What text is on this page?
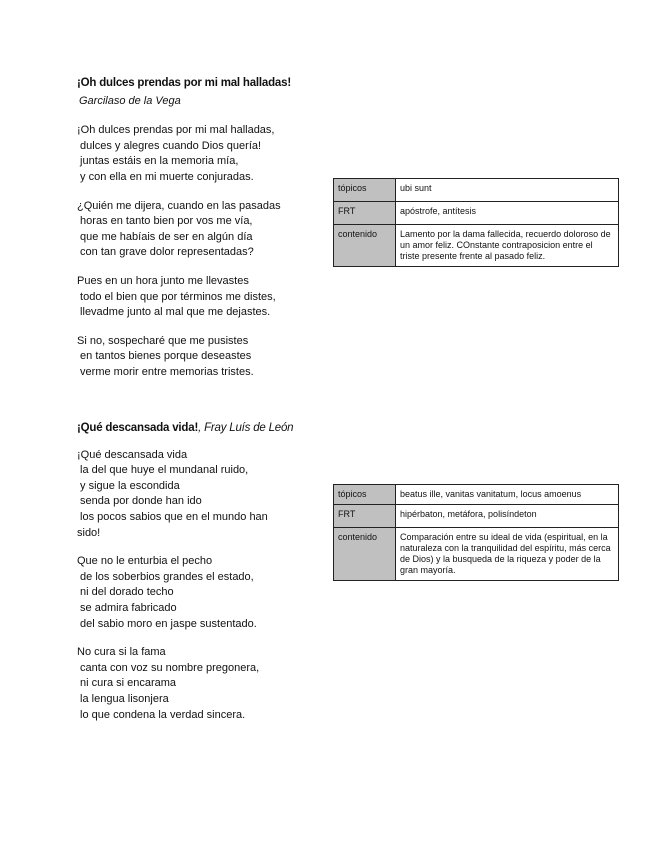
¡Oh dulces prendas por mi mal halladas!

Garcilaso de la Vega
¡Oh dulces prendas por mi mal halladas,
dulces y alegres cuando Dios quería!
juntas estáis en la memoria mía,
y con ella en mi muerte conjuradas.
¿Quién me dijera, cuando en las pasadas
horas en tanto bien por vos me vía,
que me habíais de ser en algún día
con tan grave dolor representadas?
Pues en un hora junto me llevastes
todo el bien que por términos me distes,
llevadme junto al mal que me dejastes.
Si no, sospecharé que me pusistes
en tantos bienes porque deseastes
verme morir entre memorias tristes.
tópicos	ubi sunt
FRT	apóstrofe, antítesis
contenido	Lamento por la dama fallecida, recuerdo doloroso de un amor feliz. COnstante contraposicion entre el triste presente frente al pasado feliz.

¡Qué descansada vida!, Fray Luís de León

¡Qué descansada vida
la del que huye el mundanal ruido,
y sigue la escondida
senda por donde han ido
los pocos sabios que en el mundo han
sido!
Que no le enturbia el pecho
de los soberbios grandes el estado,
ni del dorado techo
se admira fabricado
del sabio moro en jaspe sustentado.
No cura si la fama
canta con voz su nombre pregonera,
ni cura si encarama
la lengua lisonjera
lo que condena la verdad sincera.
tópicos	beatus ille, vanitas vanitatum, locus amoenus
FRT	hipérbaton, metáfora, polisíndeton
contenido	Comparación entre su ideal de vida (espiritual, en la naturaleza con la tranquilidad del espíritu, más cerca de Dios) y la busqueda de la riqueza y poder de la gran mayoría.
